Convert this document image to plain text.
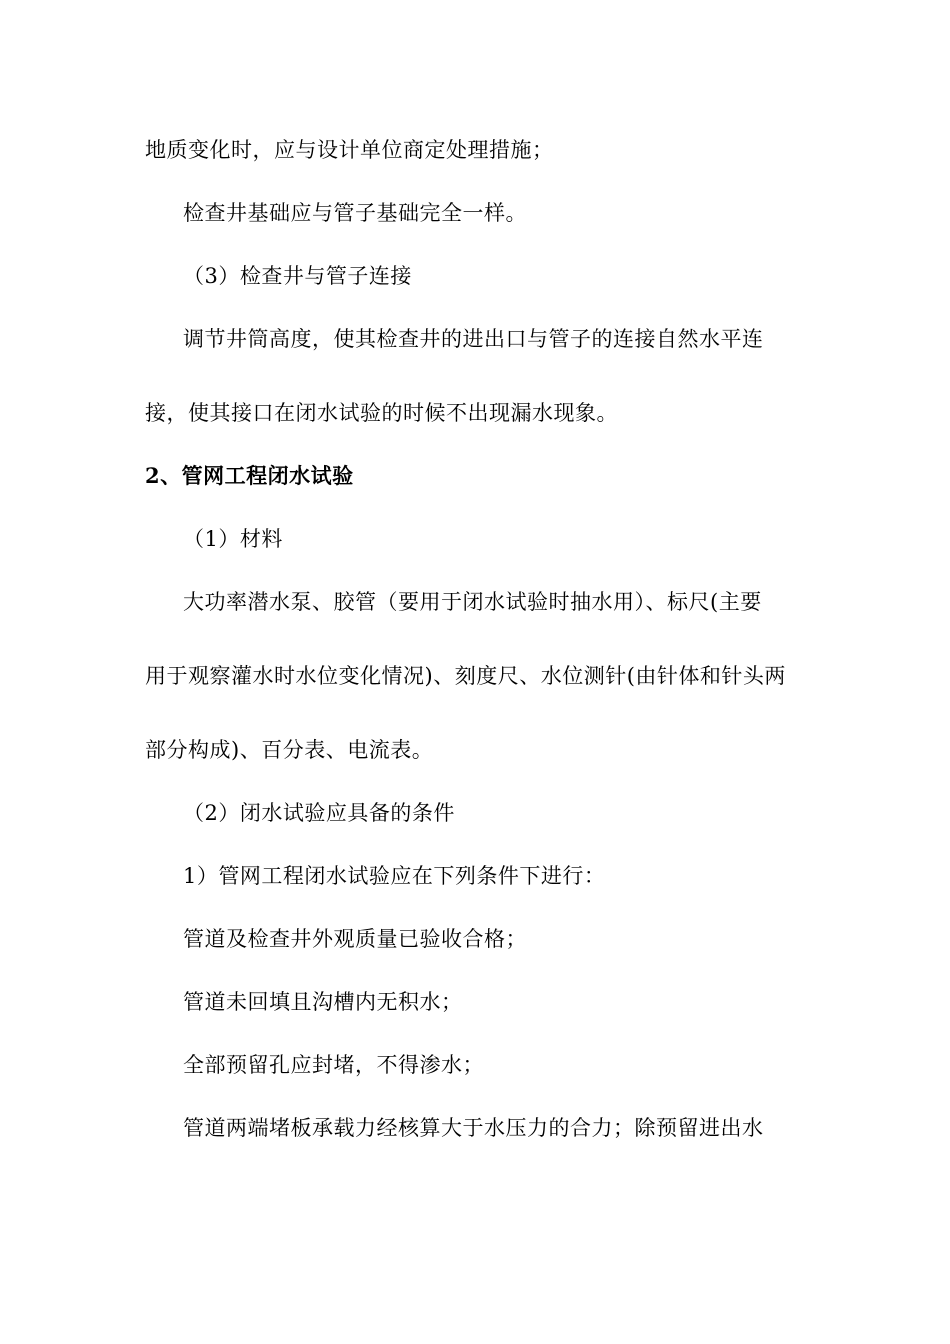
地质变化时，应与设计单位商定处理措施；

检查井基础应与管子基础完全一样。

（3）检查井与管子连接

调节井筒高度，使其检查井的进出口与管子的连接自然水平连

接，使其接口在闭水试验的时候不出现漏水现象。

2、管网工程闭水试验

（1）材料

大功率潜水泵、胶管（要用于闭水试验时抽水用）、标尺(主要

用于观察灌水时水位变化情况)、刻度尺、水位测针(由针体和针头两

部分构成)、百分表、电流表。

（2）闭水试验应具备的条件

1）管网工程闭水试验应在下列条件下进行：

管道及检查井外观质量已验收合格；

管道未回填且沟槽内无积水；

全部预留孔应封堵，不得渗水；

管道两端堵板承载力经核算大于水压力的合力；除预留进出水
